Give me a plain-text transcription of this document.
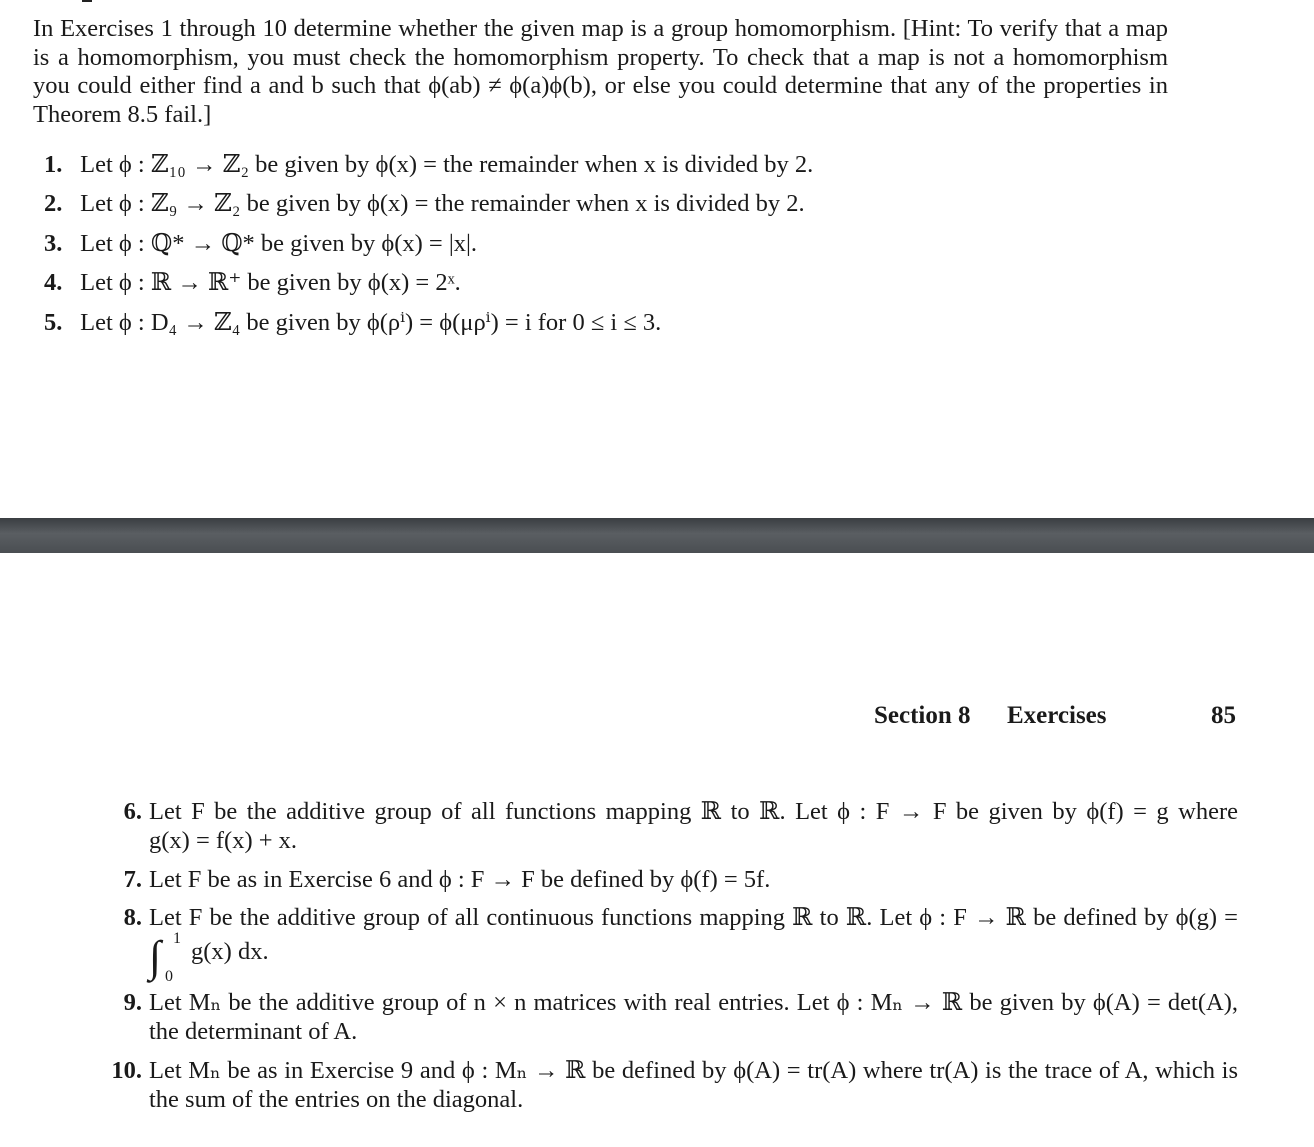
In Exercises 1 through 10 determine whether the given map is a group homomorphism. [Hint: To verify that a map
is a homomorphism, you must check the homomorphism property. To check that a map is not a homomorphism
you could either find a and b such that ϕ(ab) ≠ ϕ(a)ϕ(b), or else you could determine that any of the properties in
Theorem 8.5 fail.]
1. Let ϕ : ℤ₁₀ → ℤ₂ be given by ϕ(x) = the remainder when x is divided by 2.
2. Let ϕ : ℤ₉ → ℤ₂ be given by ϕ(x) = the remainder when x is divided by 2.
3. Let ϕ : ℚ* → ℚ* be given by ϕ(x) = |x|.
4. Let ϕ : ℝ → ℝ⁺ be given by ϕ(x) = 2ˣ.
5. Let ϕ : D₄ → ℤ₄ be given by ϕ(ρⁱ) = ϕ(μρⁱ) = i for 0 ≤ i ≤ 3.
Section 8 Exercises	85
6. Let F be the additive group of all functions mapping ℝ to ℝ. Let ϕ : F → F be given by ϕ(f) = g where
g(x) = f(x) + x.
7. Let F be as in Exercise 6 and ϕ : F → F be defined by ϕ(f) = 5f.
8. Let F be the additive group of all continuous functions mapping ℝ to ℝ. Let ϕ : F → ℝ be defined by ϕ(g) =
∫ 1
0
g(x) dx.
9. Let Mₙ be the additive group of n × n matrices with real entries. Let ϕ : Mₙ → ℝ be given by ϕ(A) = det(A),
the determinant of A.
10. Let Mₙ be as in Exercise 9 and ϕ : Mₙ → ℝ be defined by ϕ(A) = tr(A) where tr(A) is the trace of A, which is
the sum of the entries on the diagonal.
